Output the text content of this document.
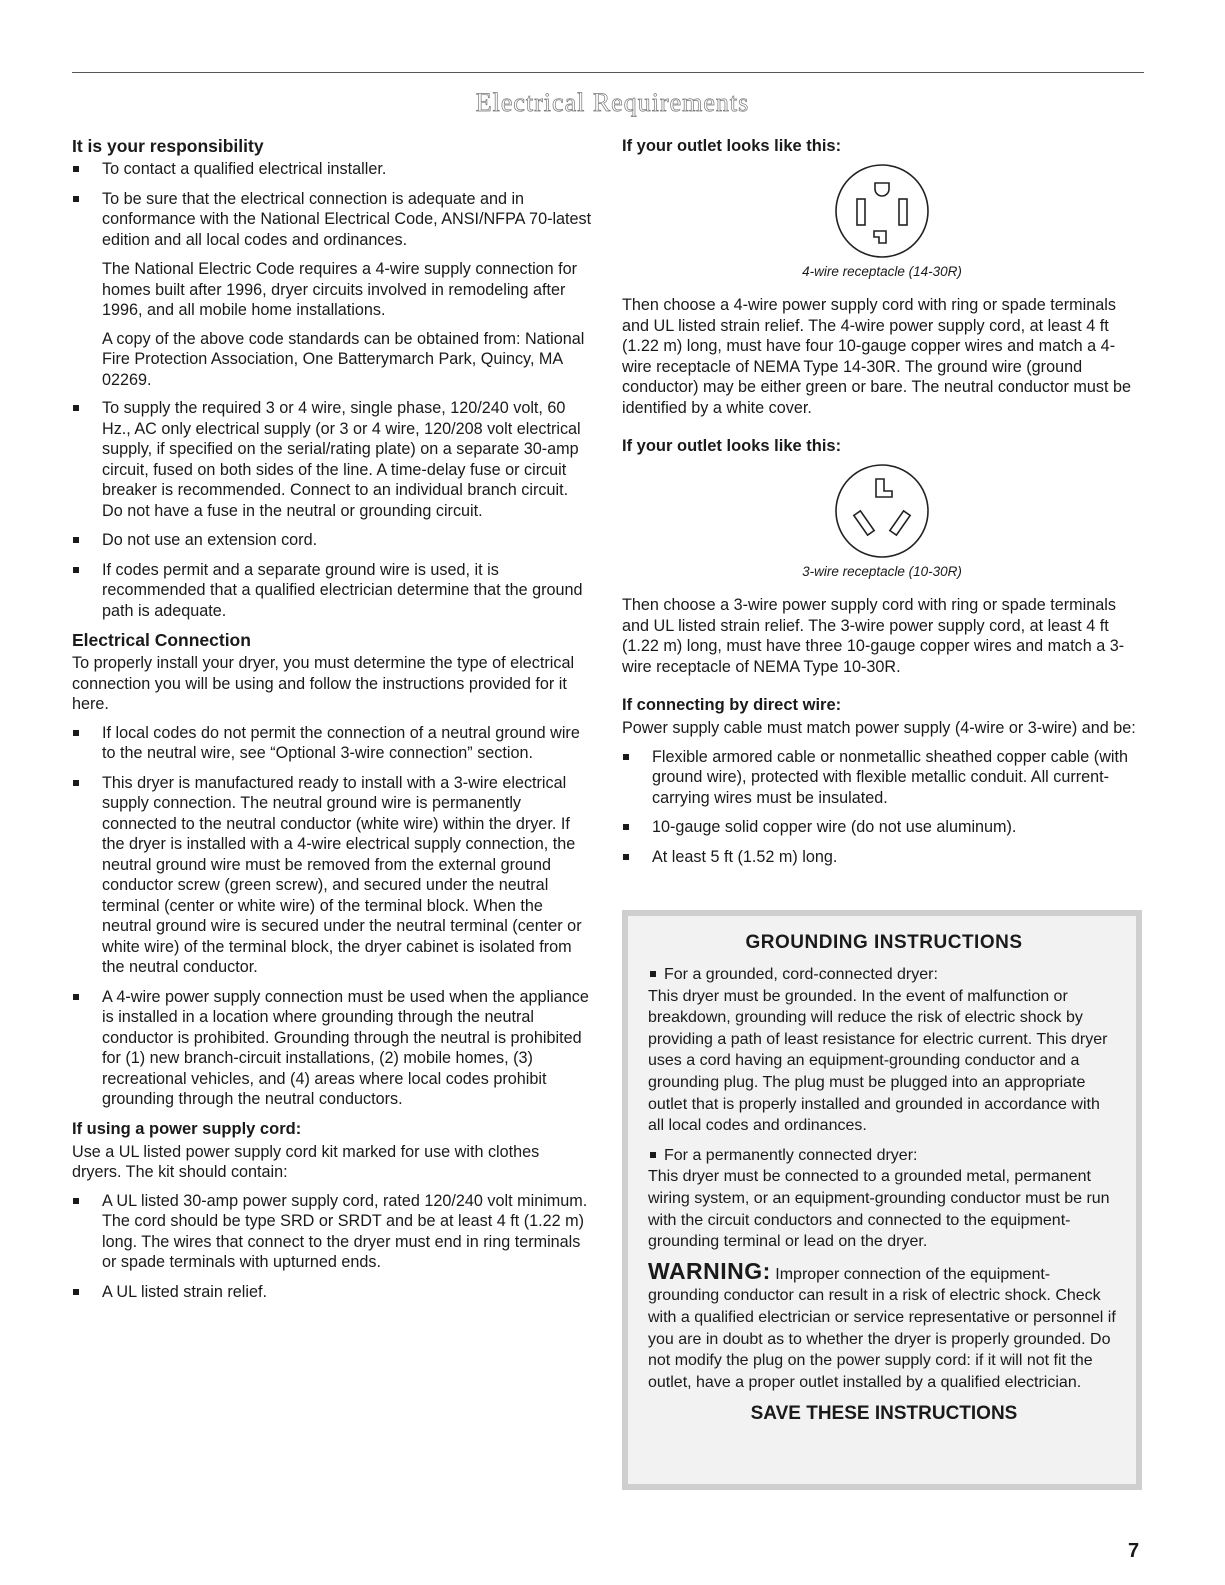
Electrical Requirements
It is your responsibility
To contact a qualified electrical installer.
To be sure that the electrical connection is adequate and in conformance with the National Electrical Code, ANSI/NFPA 70-latest edition and all local codes and ordinances.
The National Electric Code requires a 4-wire supply connection for homes built after 1996, dryer circuits involved in remodeling after 1996, and all mobile home installations.
A copy of the above code standards can be obtained from: National Fire Protection Association, One Batterymarch Park, Quincy, MA 02269.
To supply the required 3 or 4 wire, single phase, 120/240 volt, 60 Hz., AC only electrical supply (or 3 or 4 wire, 120/208 volt electrical supply, if specified on the serial/rating plate) on a separate 30-amp circuit, fused on both sides of the line. A time-delay fuse or circuit breaker is recommended. Connect to an individual branch circuit. Do not have a fuse in the neutral or grounding circuit.
Do not use an extension cord.
If codes permit and a separate ground wire is used, it is recommended that a qualified electrician determine that the ground path is adequate.
Electrical Connection
To properly install your dryer, you must determine the type of electrical connection you will be using and follow the instructions provided for it here.
If local codes do not permit the connection of a neutral ground wire to the neutral wire, see “Optional 3-wire connection” section.
This dryer is manufactured ready to install with a 3-wire electrical supply connection. The neutral ground wire is permanently connected to the neutral conductor (white wire) within the dryer. If the dryer is installed with a 4-wire electrical supply connection, the neutral ground wire must be removed from the external ground conductor screw (green screw), and secured under the neutral terminal (center or white wire) of the terminal block. When the neutral ground wire is secured under the neutral terminal (center or white wire) of the terminal block, the dryer cabinet is isolated from the neutral conductor.
A 4-wire power supply connection must be used when the appliance is installed in a location where grounding through the neutral conductor is prohibited. Grounding through the neutral is prohibited for (1) new branch-circuit installations, (2) mobile homes, (3) recreational vehicles, and (4) areas where local codes prohibit grounding through the neutral conductors.
If using a power supply cord:
Use a UL listed power supply cord kit marked for use with clothes dryers. The kit should contain:
A UL listed 30-amp power supply cord, rated 120/240 volt minimum. The cord should be type SRD or SRDT and be at least 4 ft (1.22 m) long. The wires that connect to the dryer must end in ring terminals or spade terminals with upturned ends.
A UL listed strain relief.
If your outlet looks like this:
4-wire receptacle (14-30R)
Then choose a 4-wire power supply cord with ring or spade terminals and UL listed strain relief. The 4-wire power supply cord, at least 4 ft (1.22 m) long, must have four 10-gauge copper wires and match a 4-wire receptacle of NEMA Type 14-30R. The ground wire (ground conductor) may be either green or bare. The neutral conductor must be identified by a white cover.
If your outlet looks like this:
3-wire receptacle (10-30R)
Then choose a 3-wire power supply cord with ring or spade terminals and UL listed strain relief. The 3-wire power supply cord, at least 4 ft (1.22 m) long, must have three 10-gauge copper wires and match a 3-wire receptacle of NEMA Type 10-30R.
If connecting by direct wire:
Power supply cable must match power supply (4-wire or 3-wire) and be:
Flexible armored cable or nonmetallic sheathed copper cable (with ground wire), protected with flexible metallic conduit. All current-carrying wires must be insulated.
10-gauge solid copper wire (do not use aluminum).
At least 5 ft (1.52 m) long.
GROUNDING INSTRUCTIONS
For a grounded, cord-connected dryer:
This dryer must be grounded. In the event of malfunction or breakdown, grounding will reduce the risk of electric shock by providing a path of least resistance for electric current. This dryer uses a cord having an equipment-grounding conductor and a grounding plug. The plug must be plugged into an appropriate outlet that is properly installed and grounded in accordance with all local codes and ordinances.
For a permanently connected dryer:
This dryer must be connected to a grounded metal, permanent wiring system, or an equipment-grounding conductor must be run with the circuit conductors and connected to the equipment-grounding terminal or lead on the dryer.
WARNING: Improper connection of the equipment-grounding conductor can result in a risk of electric shock. Check with a qualified electrician or service representative or personnel if you are in doubt as to whether the dryer is properly grounded. Do not modify the plug on the power supply cord: if it will not fit the outlet, have a proper outlet installed by a qualified electrician.
SAVE THESE INSTRUCTIONS
7
